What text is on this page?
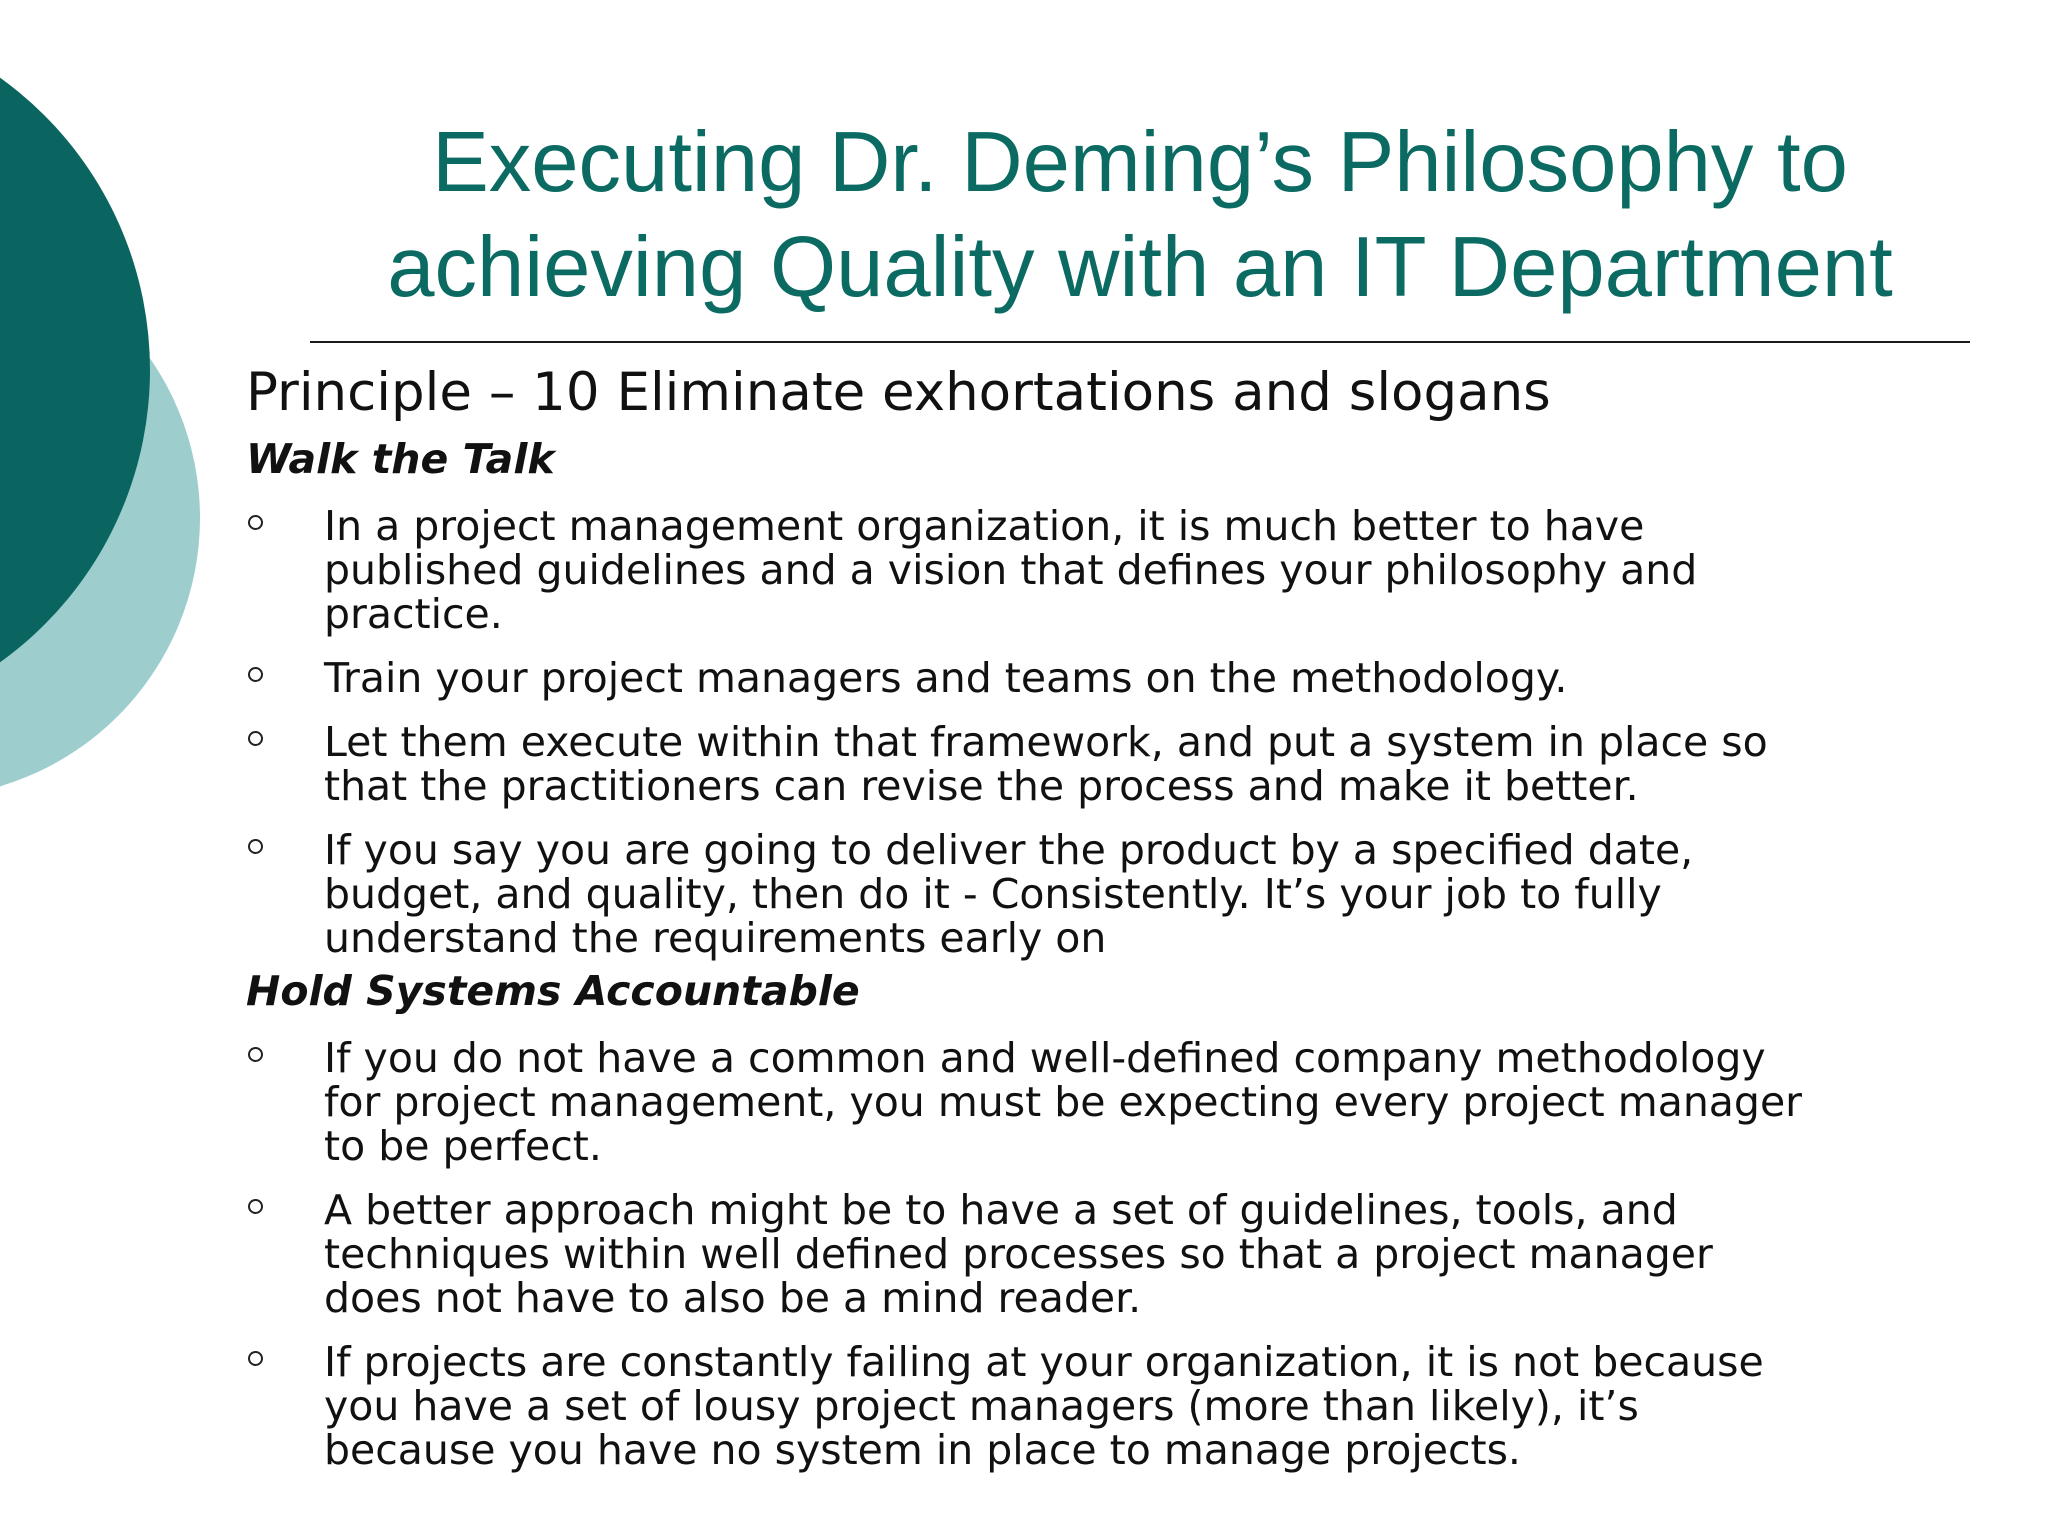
Executing Dr. Deming’s Philosophy to
achieving Quality with an IT Department
Principle – 10 Eliminate exhortations and slogans
Walk the Talk
In a project management organization, it is much better to have
published guidelines and a vision that defines your philosophy and
practice.
Train your project managers and teams on the methodology.
Let them execute within that framework, and put a system in place so
that the practitioners can revise the process and make it better.
If you say you are going to deliver the product by a specified date,
budget, and quality, then do it - Consistently. It’s your job to fully
understand the requirements early on
Hold Systems Accountable
If you do not have a common and well-defined company methodology
for project management, you must be expecting every project manager
to be perfect.
A better approach might be to have a set of guidelines, tools, and
techniques within well defined processes so that a project manager
does not have to also be a mind reader.
If projects are constantly failing at your organization, it is not because
you have a set of lousy project managers (more than likely), it’s
because you have no system in place to manage projects.
